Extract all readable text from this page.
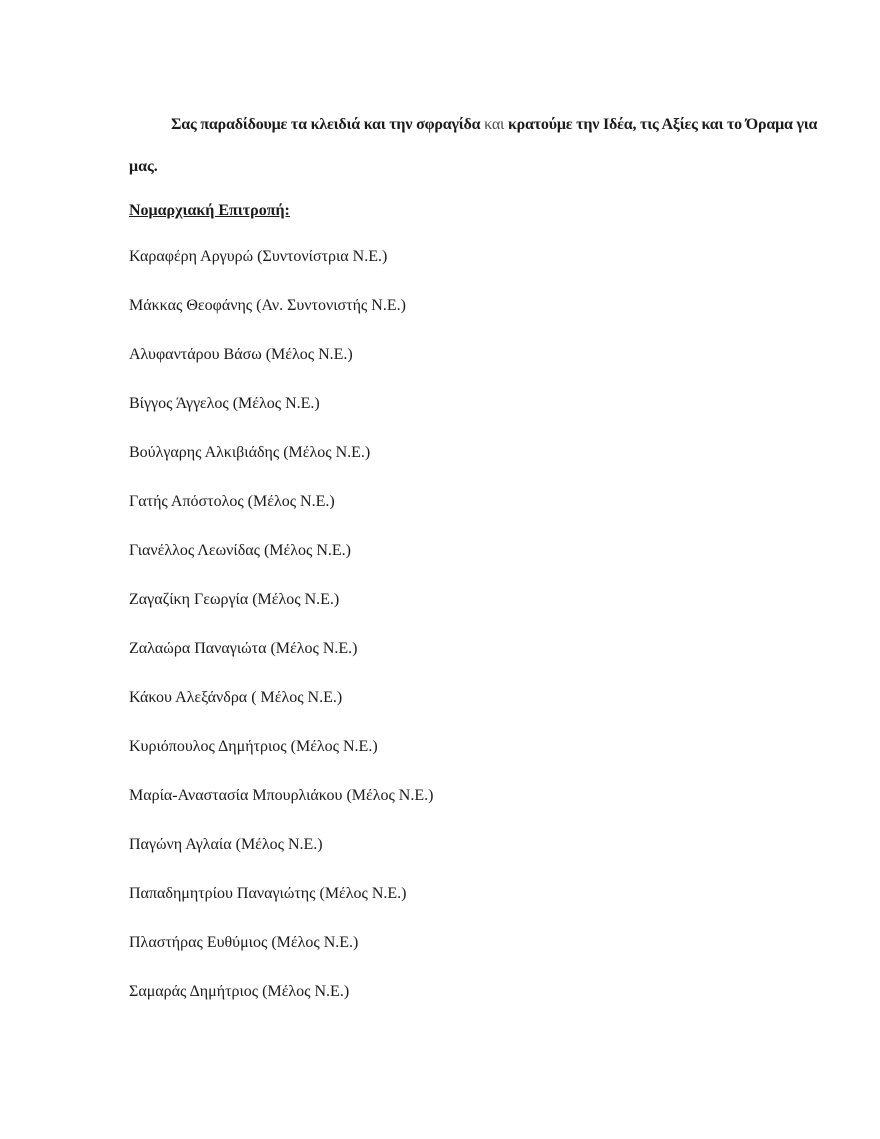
Σας παραδίδουμε τα κλειδιά και την σφραγίδα και κρατούμε την Ιδέα, τις Αξίες και το Όραμα για

μας.

Νομαρχιακή Επιτροπή:

Καραφέρη Αργυρώ (Συντονίστρια Ν.Ε.)

Μάκκας Θεοφάνης (Αν. Συντονιστής Ν.Ε.)

Αλυφαντάρου Βάσω (Μέλος Ν.Ε.)

Βίγγος Άγγελος (Μέλος Ν.Ε.)

Βούλγαρης Αλκιβιάδης (Μέλος Ν.Ε.)

Γατής Απόστολος (Μέλος Ν.Ε.)

Γιανέλλος Λεωνίδας (Μέλος Ν.Ε.)

Ζαγαζίκη Γεωργία (Μέλος Ν.Ε.)

Ζαλαώρα Παναγιώτα (Μέλος Ν.Ε.)

Κάκου Αλεξάνδρα ( Μέλος Ν.Ε.)

Κυριόπουλος Δημήτριος (Μέλος Ν.Ε.)

Μαρία-Αναστασία Μπουρλιάκου (Μέλος Ν.Ε.)

Παγώνη Αγλαία (Μέλος Ν.Ε.)

Παπαδημητρίου Παναγιώτης (Μέλος Ν.Ε.)

Πλαστήρας Ευθύμιος (Μέλος Ν.Ε.)

Σαμαράς Δημήτριος (Μέλος Ν.Ε.)
